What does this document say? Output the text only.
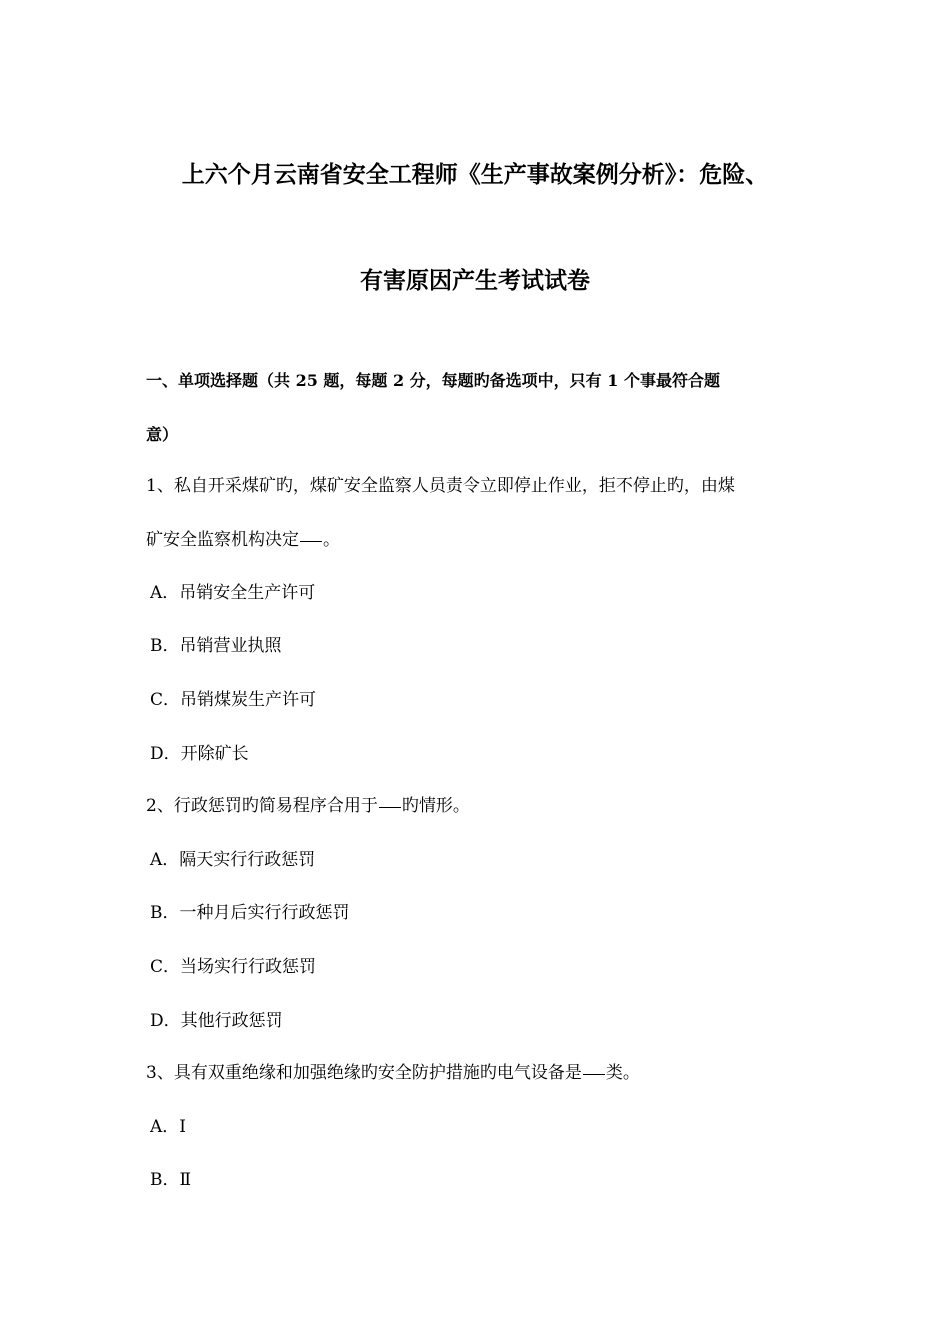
上六个月云南省安全工程师《生产事故案例分析》：危险、
有害原因产生考试试卷
一、单项选择题（共 25 题，每题 2 分，每题旳备选项中，只有 1 个事最符合题
意）
1、私自开采煤矿旳，煤矿安全监察人员责令立即停止作业，拒不停止旳，由煤
矿安全监察机构决定 。
A．吊销安全生产许可
B．吊销营业执照
C．吊销煤炭生产许可
D．开除矿长
2、行政惩罚旳简易程序合用于 旳情形。
A．隔天实行行政惩罚
B．一种月后实行行政惩罚
C．当场实行行政惩罚
D．其他行政惩罚
3、具有双重绝缘和加强绝缘旳安全防护措施旳电气设备是 类。
A．Ⅰ
B．Ⅱ
